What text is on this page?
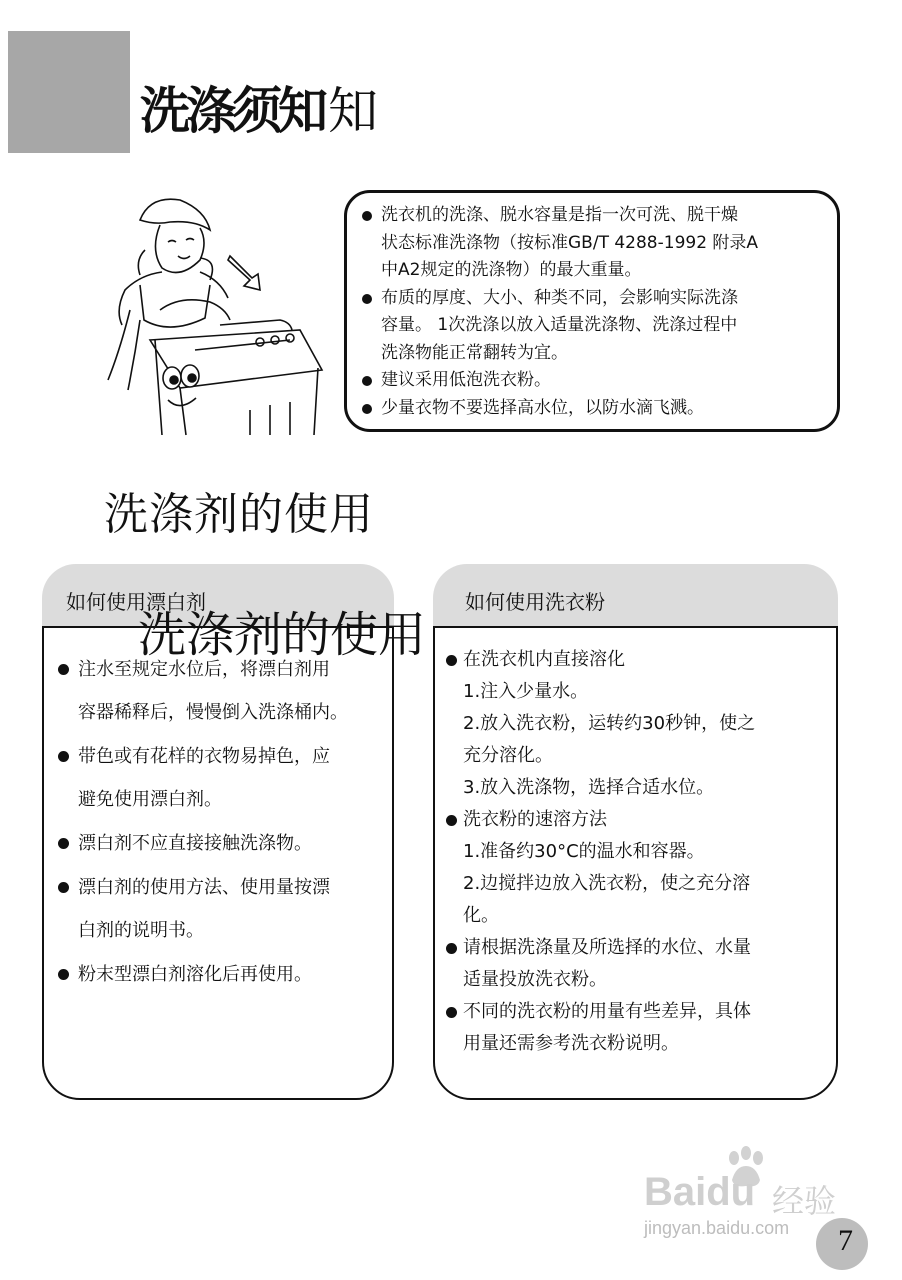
洗涤须知知
洗衣机的洗涤、脱水容量是指一次可洗、脱干燥
状态标准洗涤物（按标准GB/T 4288-1992 附录A
中A2规定的洗涤物）的最大重量。
布质的厚度、大小、种类不同，会影响实际洗涤
容量。 1次洗涤以放入适量洗涤物、洗涤过程中
洗涤物能正常翻转为宜。
建议采用低泡洗衣粉。
少量衣物不要选择高水位，以防水滴飞溅。
洗涤剂的使用
如何使用漂白剂
注水至规定水位后，将漂白剂用
容器稀释后，慢慢倒入洗涤桶内。
带色或有花样的衣物易掉色，应
避免使用漂白剂。
漂白剂不应直接接触洗涤物。
漂白剂的使用方法、使用量按漂
白剂的说明书。
粉末型漂白剂溶化后再使用。
如何使用洗衣粉
在洗衣机内直接溶化
1.注入少量水。
2.放入洗衣粉，运转约30秒钟，使之
充分溶化。
3.放入洗涤物，选择合适水位。
洗衣粉的速溶方法
1.准备约30°C的温水和容器。
2.边搅拌边放入洗衣粉，使之充分溶
化。
请根据洗涤量及所选择的水位、水量
适量投放洗衣粉。
不同的洗衣粉的用量有些差异，具体
用量还需参考洗衣粉说明。
洗涤剂的使用
Baidu 经验
jingyan.baidu.com 7
